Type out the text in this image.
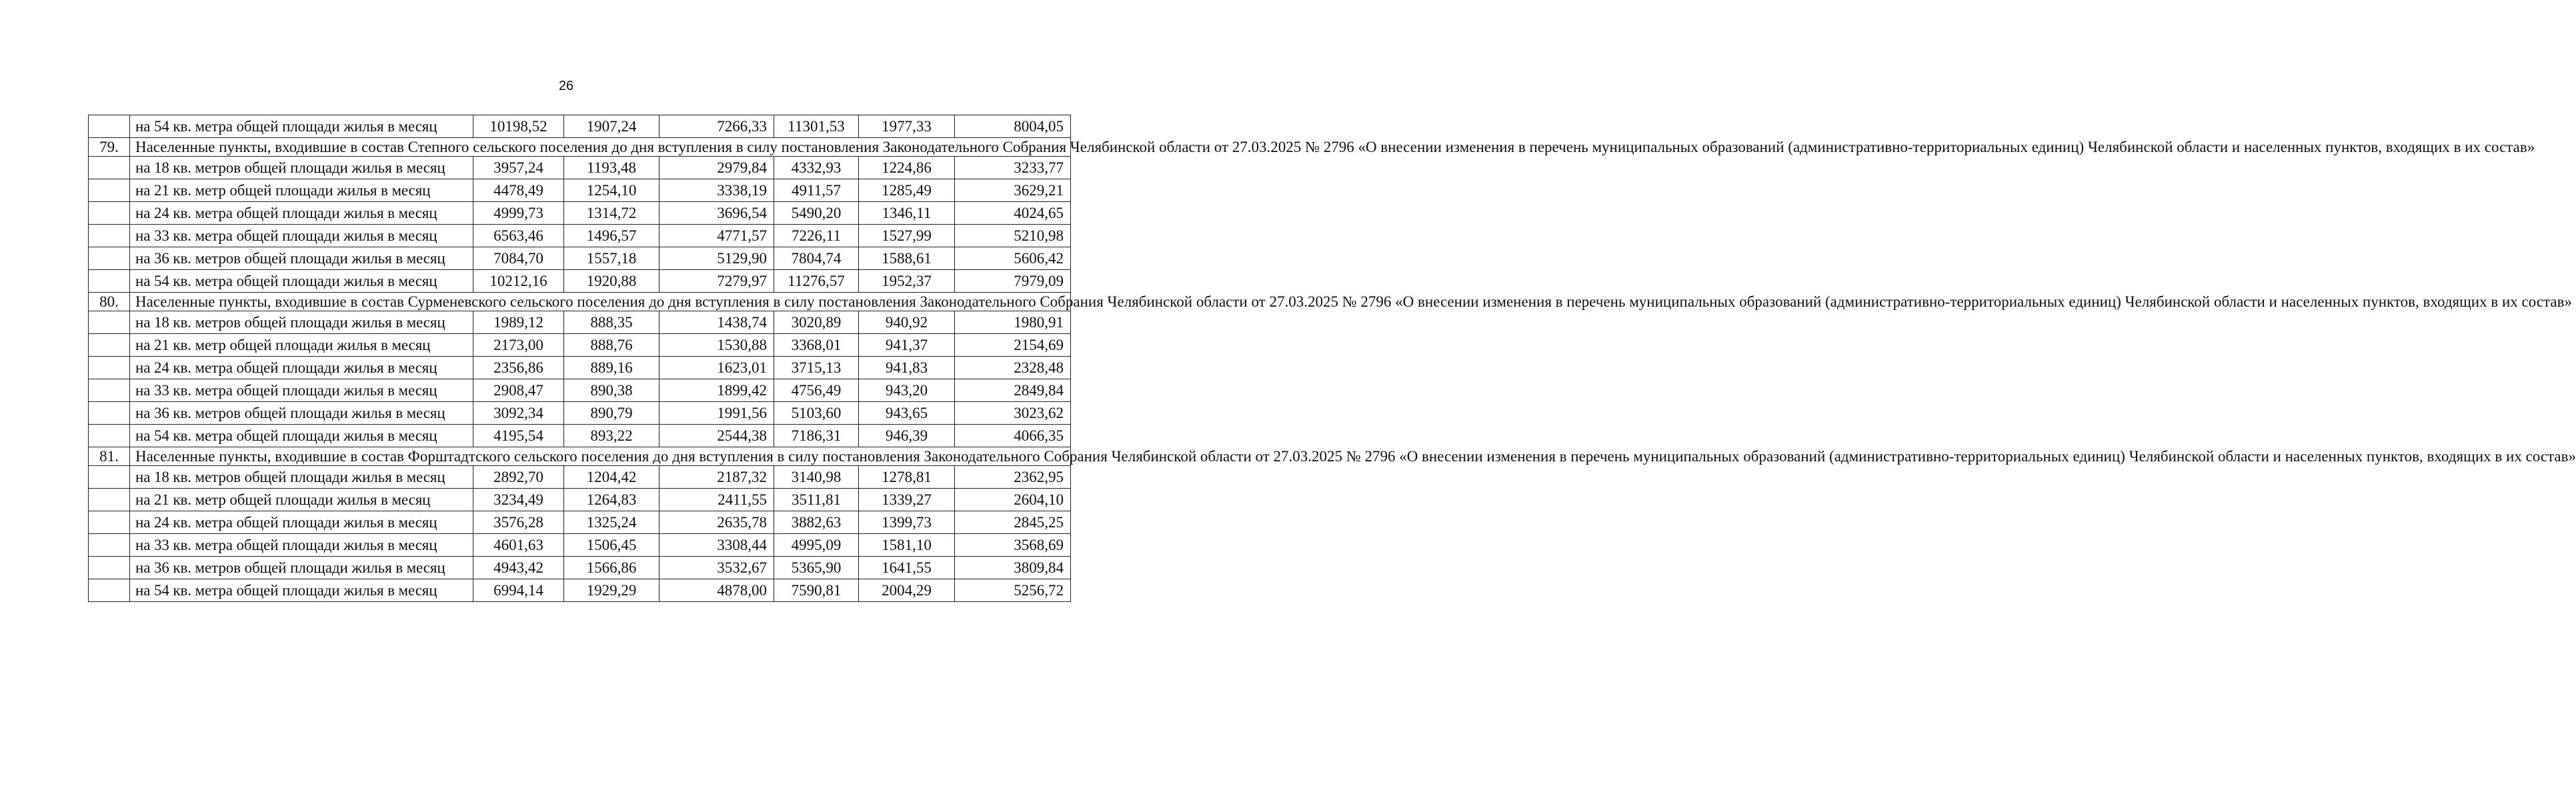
26
	на 54 кв. метра общей площади жилья в месяц	10198,52	1907,24	7266,33	11301,53	1977,33	8004,05
79.	Населенные пункты, входившие в состав Степного сельского поселения до дня вступления в силу постановления Законодательного Собрания Челябинской области от 27.03.2025 № 2796 «О внесении изменения в перечень муниципальных образований (административно-территориальных единиц) Челябинской области и населенных пунктов, входящих в их состав»						
	на 18 кв. метров общей площади жилья в месяц	3957,24	1193,48	2979,84	4332,93	1224,86	3233,77
	на 21 кв. метр общей площади жилья в месяц	4478,49	1254,10	3338,19	4911,57	1285,49	3629,21
	на 24 кв. метра общей площади жилья в месяц	4999,73	1314,72	3696,54	5490,20	1346,11	4024,65
	на 33 кв. метра общей площади жилья в месяц	6563,46	1496,57	4771,57	7226,11	1527,99	5210,98
	на 36 кв. метров общей площади жилья в месяц	7084,70	1557,18	5129,90	7804,74	1588,61	5606,42
	на 54 кв. метра общей площади жилья в месяц	10212,16	1920,88	7279,97	11276,57	1952,37	7979,09
80.	Населенные пункты, входившие в состав Сурменевского сельского поселения до дня вступления в силу постановления Законодательного Собрания Челябинской области от 27.03.2025 № 2796 «О внесении изменения в перечень муниципальных образований (административно-территориальных единиц) Челябинской области и населенных пунктов, входящих в их состав»						
	на 18 кв. метров общей площади жилья в месяц	1989,12	888,35	1438,74	3020,89	940,92	1980,91
	на 21 кв. метр общей площади жилья в месяц	2173,00	888,76	1530,88	3368,01	941,37	2154,69
	на 24 кв. метра общей площади жилья в месяц	2356,86	889,16	1623,01	3715,13	941,83	2328,48
	на 33 кв. метра общей площади жилья в месяц	2908,47	890,38	1899,42	4756,49	943,20	2849,84
	на 36 кв. метров общей площади жилья в месяц	3092,34	890,79	1991,56	5103,60	943,65	3023,62
	на 54 кв. метра общей площади жилья в месяц	4195,54	893,22	2544,38	7186,31	946,39	4066,35
81.	Населенные пункты, входившие в состав Форштадтского сельского поселения до дня вступления в силу постановления Законодательного Собрания Челябинской области от 27.03.2025 № 2796 «О внесении изменения в перечень муниципальных образований (административно-территориальных единиц) Челябинской области и населенных пунктов, входящих в их состав»						
	на 18 кв. метров общей площади жилья в месяц	2892,70	1204,42	2187,32	3140,98	1278,81	2362,95
	на 21 кв. метр общей площади жилья в месяц	3234,49	1264,83	2411,55	3511,81	1339,27	2604,10
	на 24 кв. метра общей площади жилья в месяц	3576,28	1325,24	2635,78	3882,63	1399,73	2845,25
	на 33 кв. метра общей площади жилья в месяц	4601,63	1506,45	3308,44	4995,09	1581,10	3568,69
	на 36 кв. метров общей площади жилья в месяц	4943,42	1566,86	3532,67	5365,90	1641,55	3809,84
	на 54 кв. метра общей площади жилья в месяц	6994,14	1929,29	4878,00	7590,81	2004,29	5256,72
